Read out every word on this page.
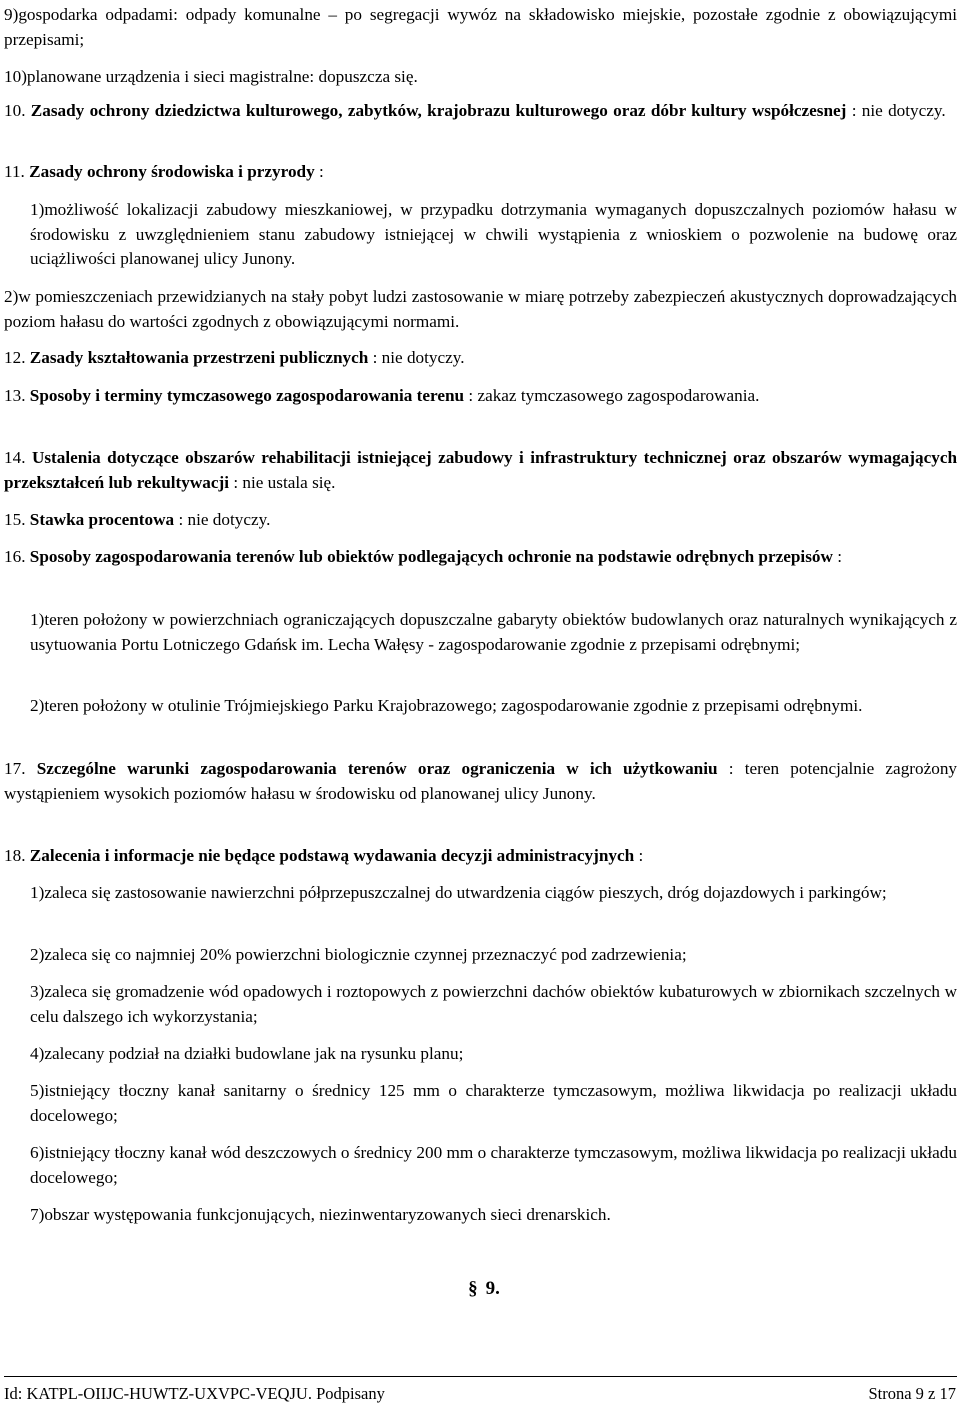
9)gospodarka odpadami: odpady komunalne – po segregacji wywóz na składowisko miejskie, pozostałe zgodnie z obowiązującymi przepisami;

10)planowane urządzenia i sieci magistralne: dopuszcza się.

10. Zasady ochrony dziedzictwa kulturowego, zabytków, krajobrazu kulturowego oraz dóbr kultury współczesnej : nie dotyczy.

11. Zasady ochrony środowiska i przyrody :

1)możliwość lokalizacji zabudowy mieszkaniowej, w przypadku dotrzymania wymaganych dopuszczalnych poziomów hałasu w środowisku z uwzględnieniem stanu zabudowy istniejącej w chwili wystąpienia z wnioskiem o pozwolenie na budowę oraz uciążliwości planowanej ulicy Junony.

2)w pomieszczeniach przewidzianych na stały pobyt ludzi zastosowanie w miarę potrzeby zabezpieczeń akustycznych doprowadzających poziom hałasu do wartości zgodnych z obowiązującymi normami.

12. Zasady kształtowania przestrzeni publicznych : nie dotyczy.

13. Sposoby i terminy tymczasowego zagospodarowania terenu : zakaz tymczasowego zagospodarowania.

14. Ustalenia dotyczące obszarów rehabilitacji istniejącej zabudowy i infrastruktury technicznej oraz obszarów wymagających przekształceń lub rekultywacji : nie ustala się.

15. Stawka procentowa : nie dotyczy.

16. Sposoby zagospodarowania terenów lub obiektów podlegających ochronie na podstawie odrębnych przepisów :

1)teren położony w powierzchniach ograniczających dopuszczalne gabaryty obiektów budowlanych oraz naturalnych wynikających z usytuowania Portu Lotniczego Gdańsk im. Lecha Wałęsy - zagospodarowanie zgodnie z przepisami odrębnymi;

2)teren położony w otulinie Trójmiejskiego Parku Krajobrazowego; zagospodarowanie zgodnie z przepisami odrębnymi.

17. Szczególne warunki zagospodarowania terenów oraz ograniczenia w ich użytkowaniu : teren potencjalnie zagrożony wystąpieniem wysokich poziomów hałasu w środowisku od planowanej ulicy Junony.

18. Zalecenia i informacje nie będące podstawą wydawania decyzji administracyjnych :

1)zaleca się zastosowanie nawierzchni półprzepuszczalnej do utwardzenia ciągów pieszych, dróg dojazdowych i parkingów;

2)zaleca się co najmniej 20% powierzchni biologicznie czynnej przeznaczyć pod zadrzewienia;

3)zaleca się gromadzenie wód opadowych i roztopowych z powierzchni dachów obiektów kubaturowych w zbiornikach szczelnych w celu dalszego ich wykorzystania;

4)zalecany podział na działki budowlane jak na rysunku planu;

5)istniejący tłoczny kanał sanitarny o średnicy 125 mm o charakterze tymczasowym, możliwa likwidacja po realizacji układu docelowego;

6)istniejący tłoczny kanał wód deszczowych o średnicy 200 mm o charakterze tymczasowym, możliwa likwidacja po realizacji układu docelowego;

7)obszar występowania funkcjonujących, niezinwentaryzowanych sieci drenarskich.

§ 9.
Id: KATPL-OIIJC-HUWTZ-UXVPC-VEQJU. Podpisany	Strona 9 z 17
